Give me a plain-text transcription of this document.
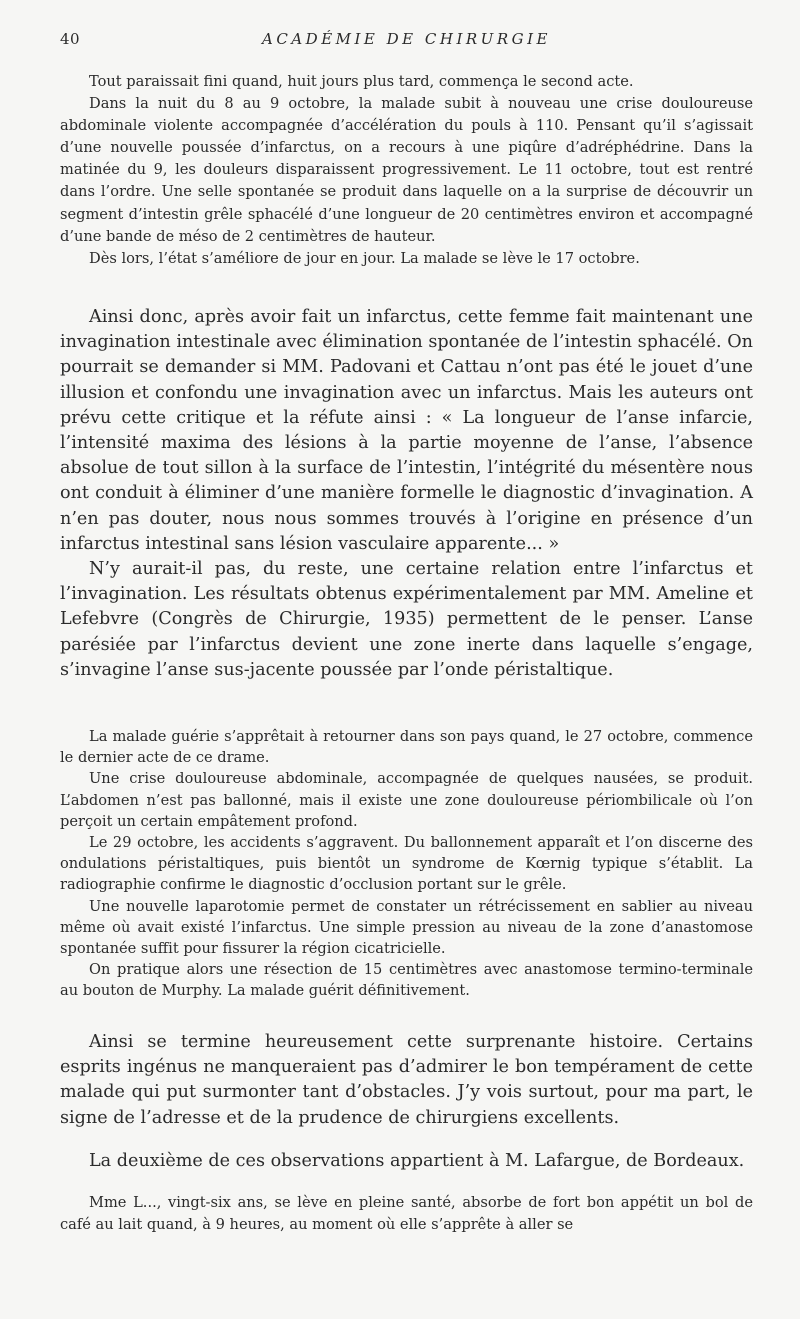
40	ACADÉMIE DE CHIRURGIE

Tout paraissait fini quand, huit jours plus tard, commença le second acte.

Dans la nuit du 8 au 9 octobre, la malade subit à nouveau une crise douloureuse abdominale violente accompagnée d’accélération du pouls à 110. Pensant qu’il s’agissait d’une nouvelle poussée d’infarctus, on a recours à une piqûre d’adréphédrine. Dans la matinée du 9, les douleurs disparaissent progressivement. Le 11 octobre, tout est rentré dans l’ordre. Une selle spontanée se produit dans laquelle on a la surprise de découvrir un segment d’intestin grêle sphacélé d’une longueur de 20 centimètres environ et accompagné d’une bande de méso de 2 centimètres de hauteur.

Dès lors, l’état s’améliore de jour en jour. La malade se lève le 17 octobre.

Ainsi donc, après avoir fait un infarctus, cette femme fait maintenant une invagination intestinale avec élimination spontanée de l’intestin sphacélé. On pourrait se demander si MM. Padovani et Cattau n’ont pas été le jouet d’une illusion et confondu une invagination avec un infarctus. Mais les auteurs ont prévu cette critique et la réfute ainsi : « La longueur de l’anse infarcie, l’intensité maxima des lésions à la partie moyenne de l’anse, l’absence absolue de tout sillon à la surface de l’intestin, l’intégrité du mésentère nous ont conduit à éliminer d’une manière formelle le diagnostic d’invagination. A n’en pas douter, nous nous sommes trouvés à l’origine en présence d’un infarctus intestinal sans lésion vasculaire apparente... »

N’y aurait-il pas, du reste, une certaine relation entre l’infarctus et l’invagination. Les résultats obtenus expérimentalement par MM. Ameline et Lefebvre (Congrès de Chirurgie, 1935) permettent de le penser. L’anse parésiée par l’infarctus devient une zone inerte dans laquelle s’engage, s’invagine l’anse sus-jacente poussée par l’onde péristaltique.

La malade guérie s’apprêtait à retourner dans son pays quand, le 27 octobre, commence le dernier acte de ce drame.

Une crise douloureuse abdominale, accompagnée de quelques nausées, se produit. L’abdomen n’est pas ballonné, mais il existe une zone douloureuse périombilicale où l’on perçoit un certain empâtement profond.

Le 29 octobre, les accidents s’aggravent. Du ballonnement apparaît et l’on discerne des ondulations péristaltiques, puis bientôt un syndrome de Kœrnig typique s’établit. La radiographie confirme le diagnostic d’occlusion portant sur le grêle.

Une nouvelle laparotomie permet de constater un rétrécissement en sablier au niveau même où avait existé l’infarctus. Une simple pression au niveau de la zone d’anastomose spontanée suffit pour fissurer la région cicatricielle.

On pratique alors une résection de 15 centimètres avec anastomose termino-terminale au bouton de Murphy. La malade guérit définitivement.

Ainsi se termine heureusement cette surprenante histoire. Certains esprits ingénus ne manqueraient pas d’admirer le bon tempérament de cette malade qui put surmonter tant d’obstacles. J’y vois surtout, pour ma part, le signe de l’adresse et de la prudence de chirurgiens excellents.

La deuxième de ces observations appartient à M. Lafargue, de Bordeaux.

Mme L..., vingt-six ans, se lève en pleine santé, absorbe de fort bon appétit un bol de café au lait quand, à 9 heures, au moment où elle s’apprête à aller se
